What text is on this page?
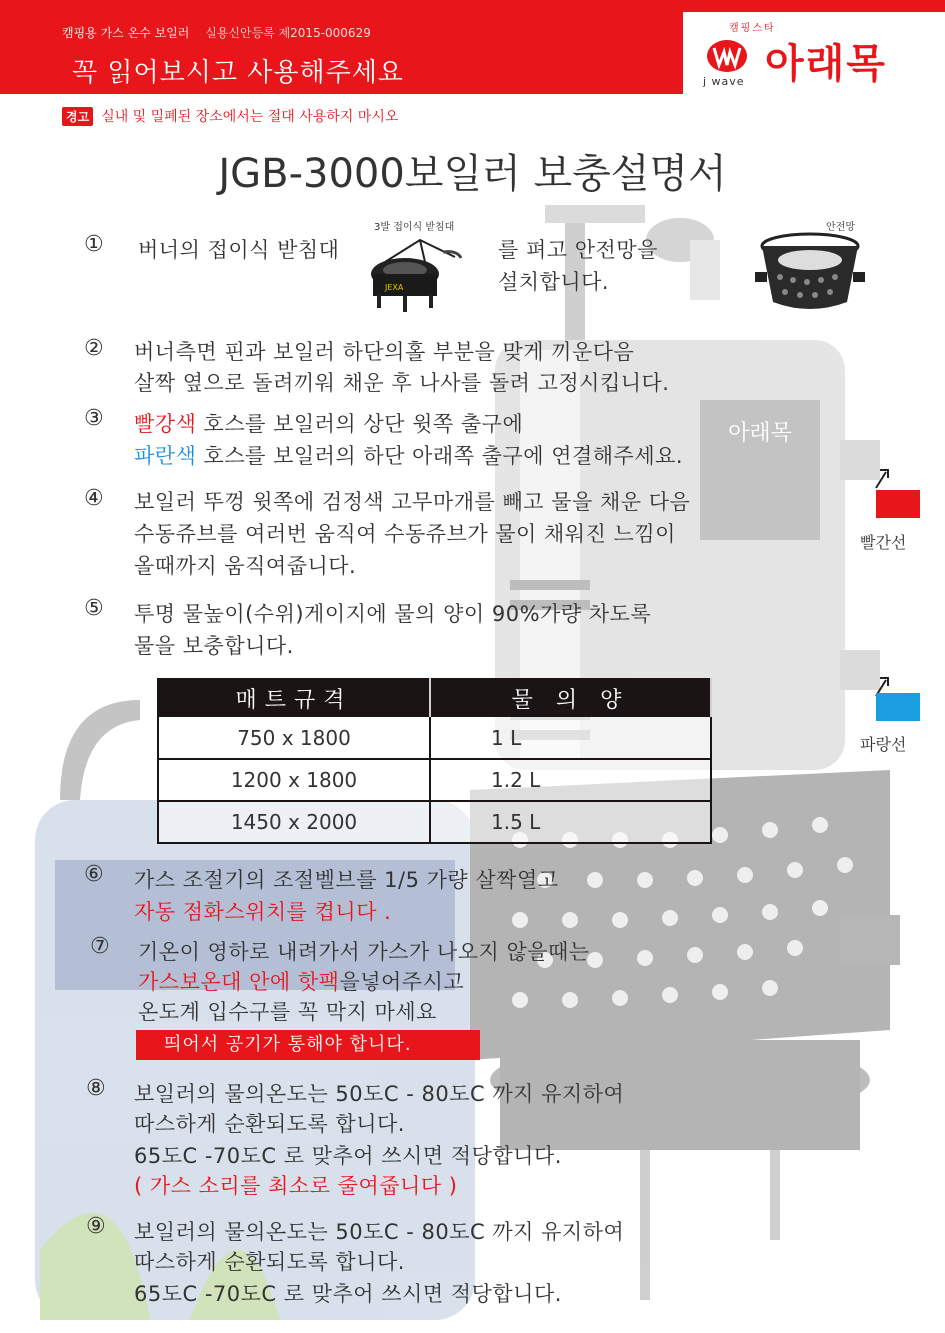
아래목
캠핑용 가스 온수 보일러 실용신안등록 제2015-000629
꼭 읽어보시고 사용해주세요
캠핑스타
j wave 아래목
경고 실내 및 밀폐된 장소에서는 절대 사용하지 마시오
JGB-3000보일러 보충설명서
① 버너의 접이식 받침대
3발 접이식 받침대
JEXA
를 펴고 안전망을
설치합니다.
안전망
② 버너측면 핀과 보일러 하단의홀 부분을 맞게 끼운다음
살짝 옆으로 돌려끼워 채운 후 나사를 돌려 고정시킵니다.
③ 빨강색 호스를 보일러의 상단 윗쪽 출구에
파란색 호스를 보일러의 하단 아래쪽 출구에 연결해주세요.
④ 보일러 뚜껑 윗쪽에 검정색 고무마개를 빼고 물을 채운 다음
수동쥬브를 여러번 움직여 수동쥬브가 물이 채워진 느낌이
올때까지 움직여줍니다.
⑤ 투명 물높이(수위)게이지에 물의 양이 90%가량 차도록
물을 보충합니다.
매트규격	물 의 양
750 x 1800	1 L
1200 x 1800	1.2 L
1450 x 2000	1.5 L
빨간선
파랑선
⑥ 가스 조절기의 조절벨브를 1/5 가량 살짝열고
자동 점화스위치를 켭니다 .
⑦ 기온이 영하로 내려가서 가스가 나오지 않을때는
가스보온대 안에 핫팩을넣어주시고
온도계 입수구를 꼭 막지 마세요
띄어서 공기가 통해야 합니다.
⑧ 보일러의 물의온도는 50도C - 80도C 까지 유지하여
따스하게 순환되도록 합니다.
65도C -70도C 로 맞추어 쓰시면 적당합니다.
( 가스 소리를 최소로 줄여줍니다 )
⑨ 보일러의 물의온도는 50도C - 80도C 까지 유지하여
따스하게 순환되도록 합니다.
65도C -70도C 로 맞추어 쓰시면 적당합니다.
